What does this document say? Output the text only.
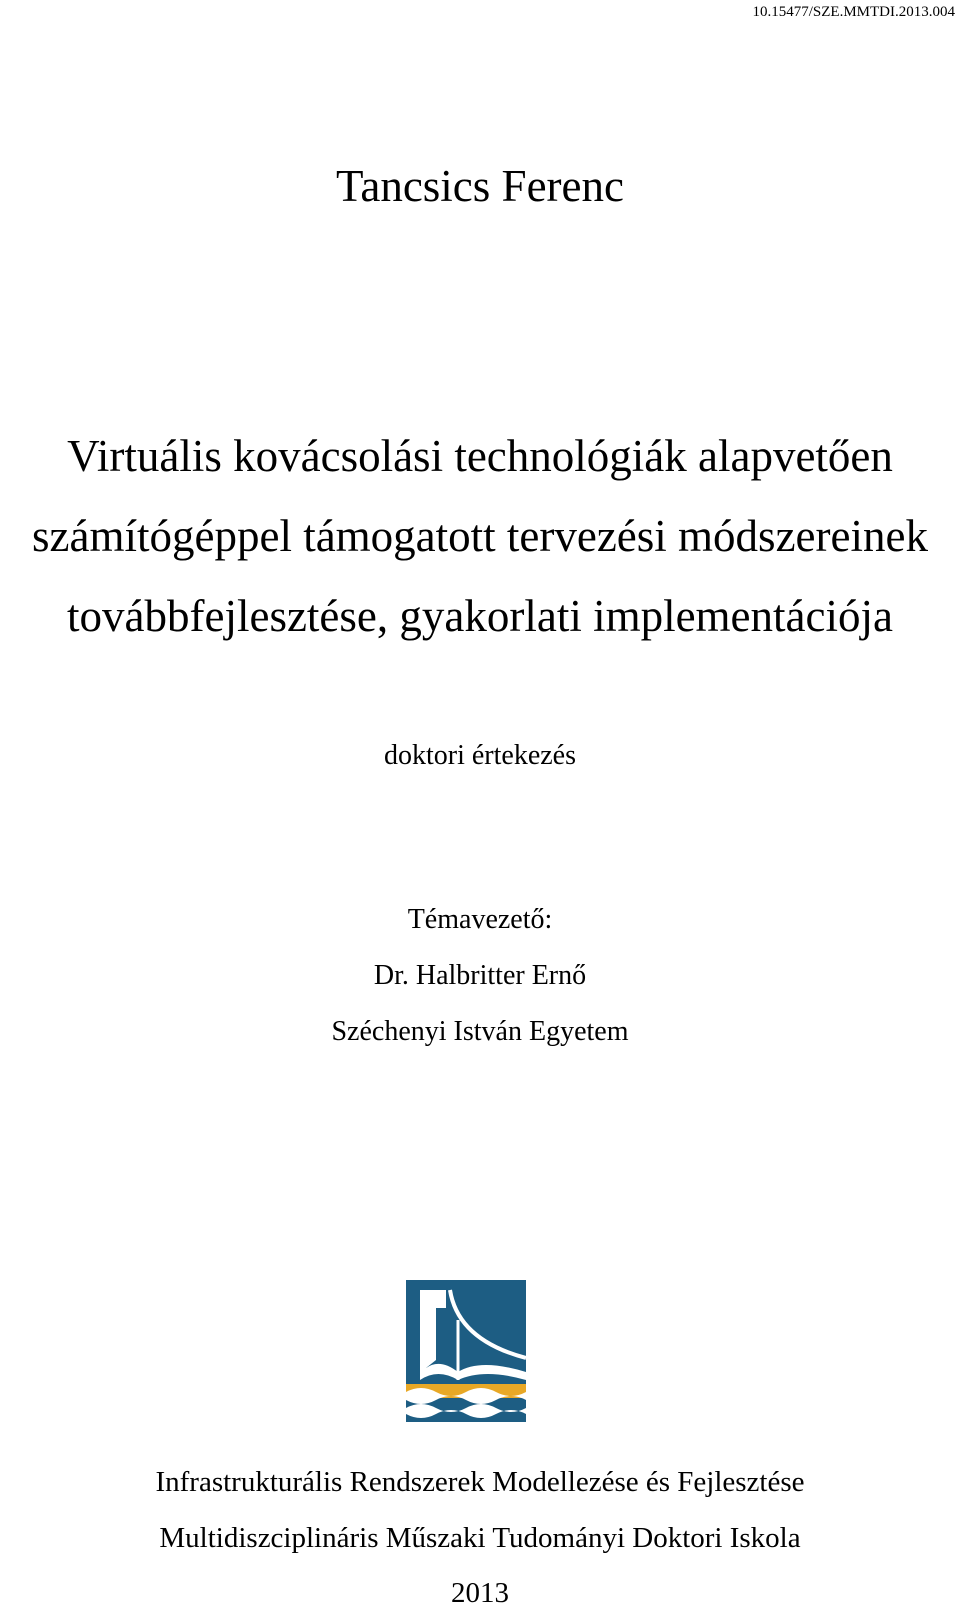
10.15477/SZE.MMTDI.2013.004
Tancsics Ferenc
Virtuális kovácsolási technológiák alapvetően
számítógéppel támogatott tervezési módszereinek
továbbfejlesztése, gyakorlati implementációja
doktori értekezés
Témavezető:
Dr. Halbritter Ernő
Széchenyi István Egyetem
Infrastrukturális Rendszerek Modellezése és Fejlesztése
Multidiszciplináris Műszaki Tudományi Doktori Iskola
2013
